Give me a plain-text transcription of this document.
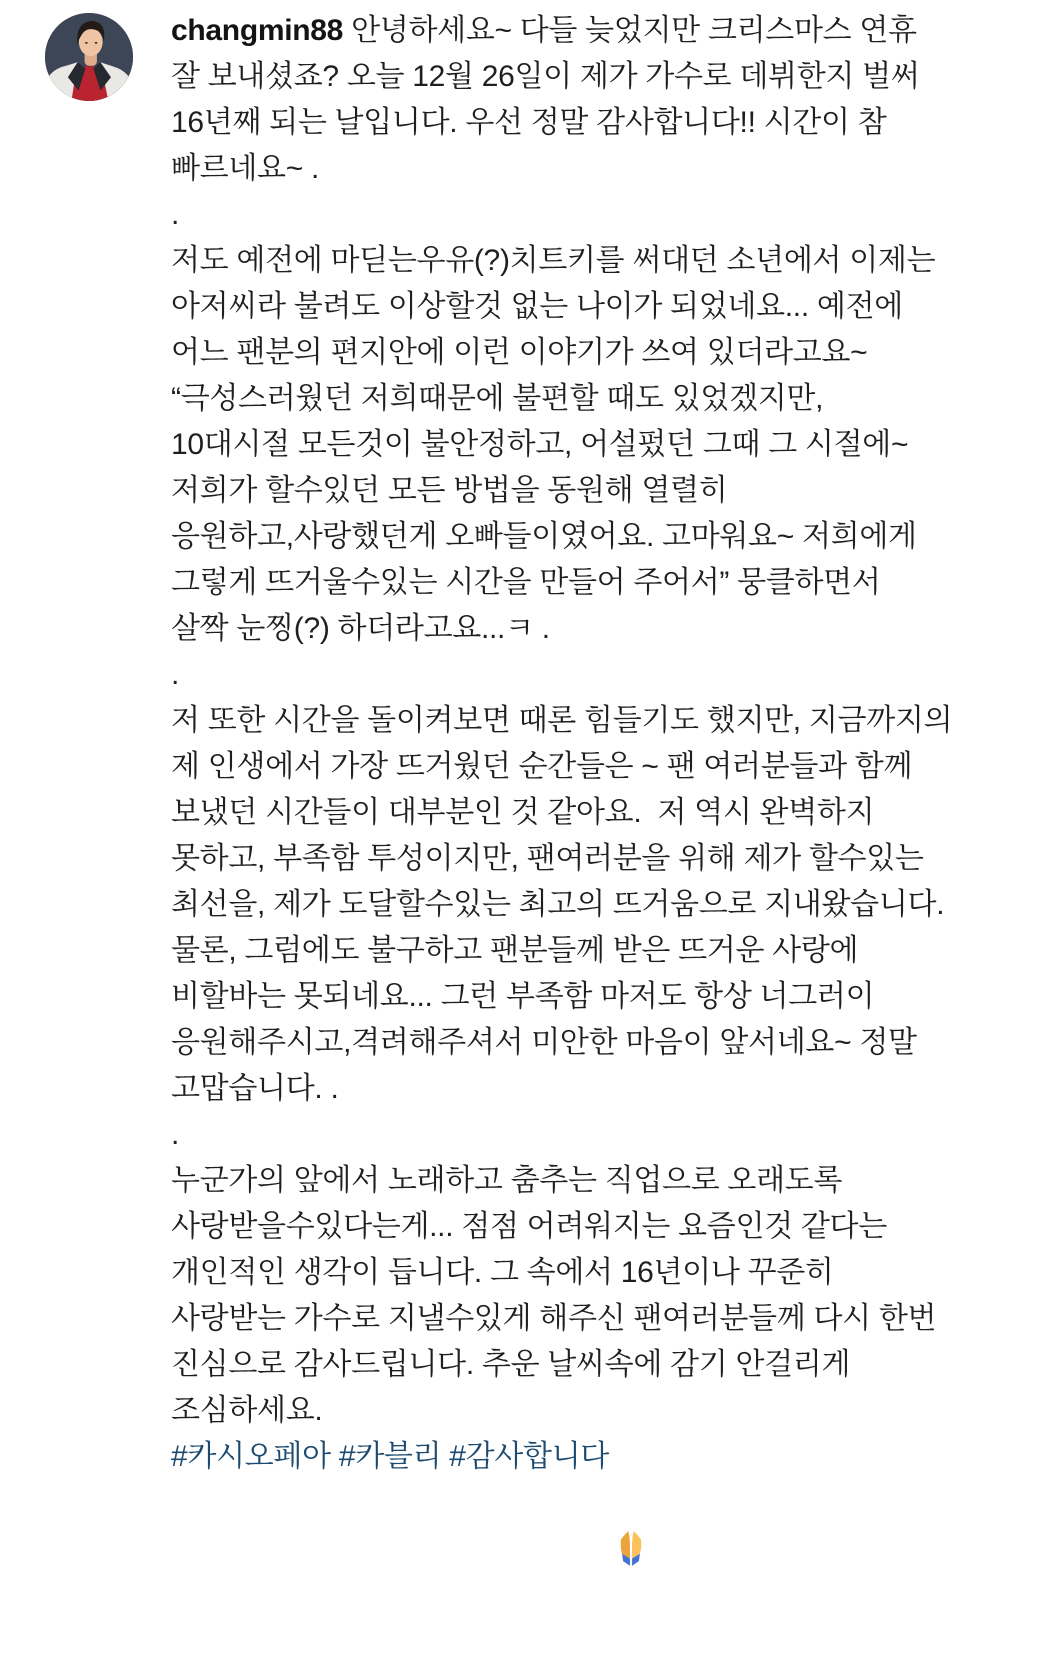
changmin88 안녕하세요~ 다들 늦었지만 크리스마스 연휴
잘 보내셨죠? 오늘 12월 26일이 제가 가수로 데뷔한지 벌써
16년째 되는 날입니다. 우선 정말 감사합니다!! 시간이 참
빠르네요~ .
.
저도 예전에 마딛는우유(?)치트키를 써대던 소년에서 이제는
아저씨라 불려도 이상할것 없는 나이가 되었네요... 예전에
어느 팬분의 편지안에 이런 이야기가 쓰여 있더라고요~
“극성스러웠던 저희때문에 불편할 때도 있었겠지만,
10대시절 모든것이 불안정하고, 어설펐던 그때 그 시절에~
저희가 할수있던 모든 방법을 동원해 열렬히
응원하고,사랑했던게 오빠들이였어요. 고마워요~ 저희에게
그렇게 뜨거울수있는 시간을 만들어 주어서” 뭉클하면서
살짝 눈찡(?) 하더라고요...ㅋ .
.
저 또한 시간을 돌이켜보면 때론 힘들기도 했지만, 지금까지의
제 인생에서 가장 뜨거웠던 순간들은 ~ 팬 여러분들과 함께
보냈던 시간들이 대부분인 것 같아요.  저 역시 완벽하지
못하고, 부족함 투성이지만, 팬여러분을 위해 제가 할수있는
최선을, 제가 도달할수있는 최고의 뜨거움으로 지내왔습니다.
물론, 그럼에도 불구하고 팬분들께 받은 뜨거운 사랑에
비할바는 못되네요... 그런 부족함 마저도 항상 너그러이
응원해주시고,격려해주셔서 미안한 마음이 앞서네요~ 정말
고맙습니다. .
.
누군가의 앞에서 노래하고 춤추는 직업으로 오래도록
사랑받을수있다는게... 점점 어려워지는 요즘인것 같다는
개인적인 생각이 듭니다. 그 속에서 16년이나 꾸준히
사랑받는 가수로 지낼수있게 해주신 팬여러분들께 다시 한번
진심으로 감사드립니다. 추운 날씨속에 감기 안걸리게
조심하세요.
#카시오페아 #카블리 #감사합니다
